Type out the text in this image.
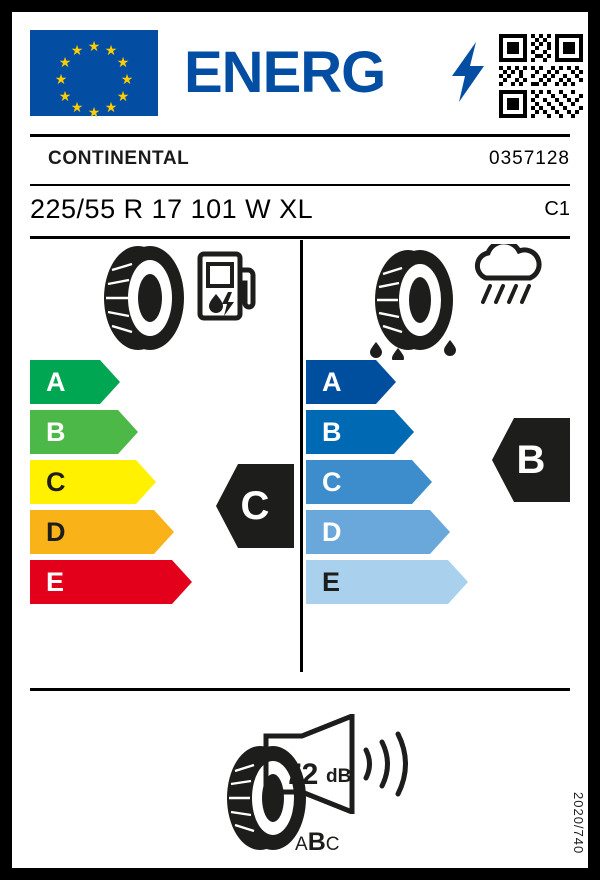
★ ★
★
★
★
★
★
★
★
★
★
★ ENERG
CONTINENTAL	0357128
225/55 R 17 101 W XL	C1
A
B
C
D
E
C
A
B
C
D
E
B
72 dB
ABC	2020/740
